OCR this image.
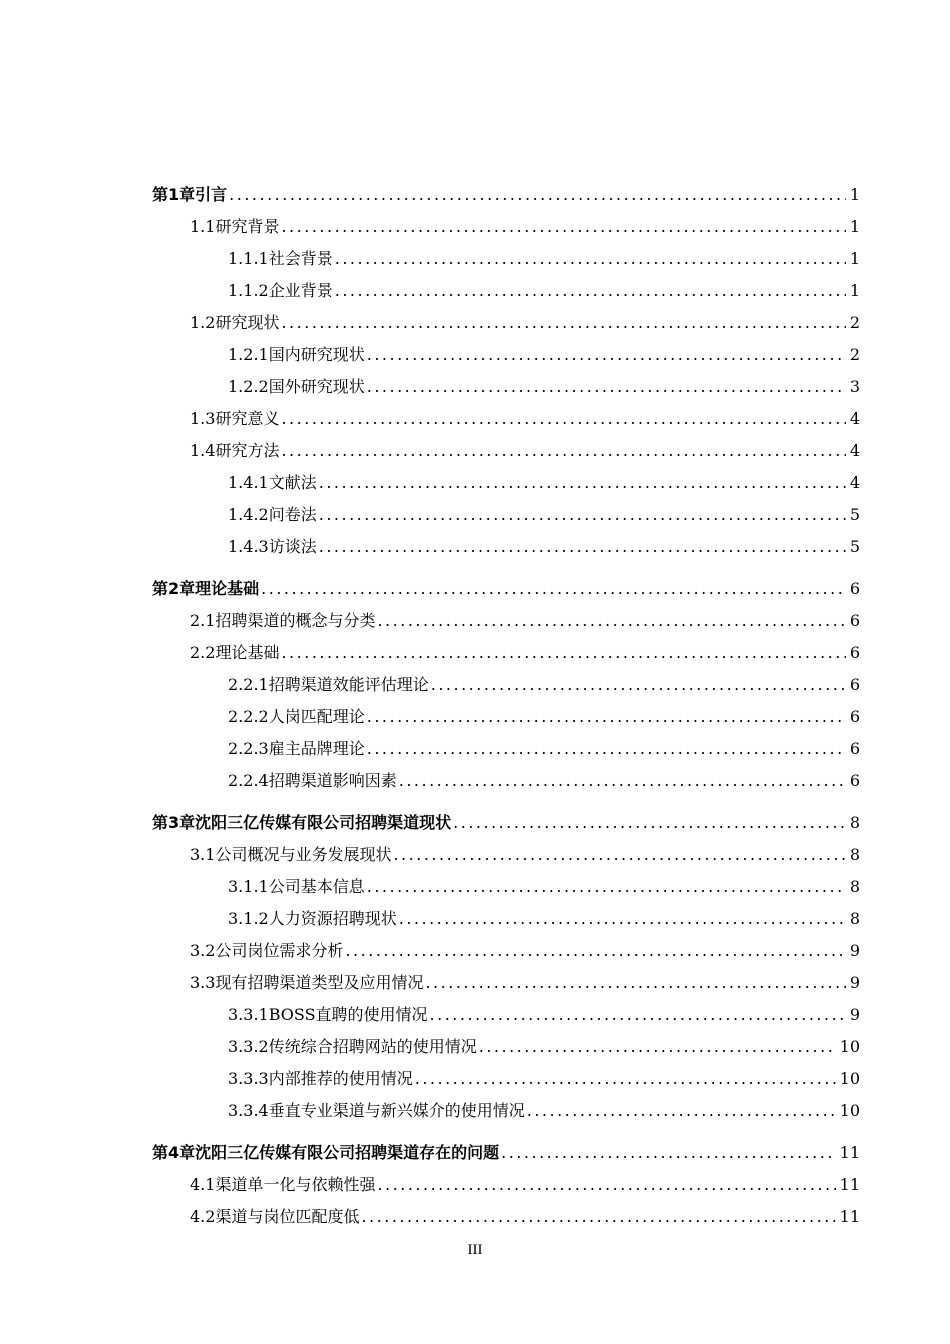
第1章 引言 .....	1
1.1 研究背景 .....	1
1.1.1 社会背景 .....	1
1.1.2 企业背景 .....	1
1.2 研究现状 .....	2
1.2.1 国内研究现状 .....	2
1.2.2 国外研究现状 .....	3
1.3 研究意义 .....	4
1.4 研究方法 .....	4
1.4.1 文献法 .....	4
1.4.2 问卷法 .....	5
1.4.3 访谈法 .....	5
第2章 理论基础 .....	6
2.1 招聘渠道的概念与分类 .....	6
2.2 理论基础 .....	6
2.2.1 招聘渠道效能评估理论 .....	6
2.2.2 人岗匹配理论 .....	6
2.2.3 雇主品牌理论 .....	6
2.2.4 招聘渠道影响因素 .....	6
第3章 沈阳三亿传媒有限公司招聘渠道现状 .....	8
3.1 公司概况与业务发展现状 .....	8
3.1.1 公司基本信息 .....	8
3.1.2 人力资源招聘现状 .....	8
3.2 公司岗位需求分析 .....	9
3.3 现有招聘渠道类型及应用情况 .....	9
3.3.1 BOSS直聘的使用情况 .....	9
3.3.2 传统综合招聘网站的使用情况 .....	10
3.3.3 内部推荐的使用情况 .....	10
3.3.4 垂直专业渠道与新兴媒介的使用情况 .....	10
第4章 沈阳三亿传媒有限公司招聘渠道存在的问题 .....	11
4.1 渠道单一化与依赖性强 .....	11
4.2 渠道与岗位匹配度低 .....	11
III
